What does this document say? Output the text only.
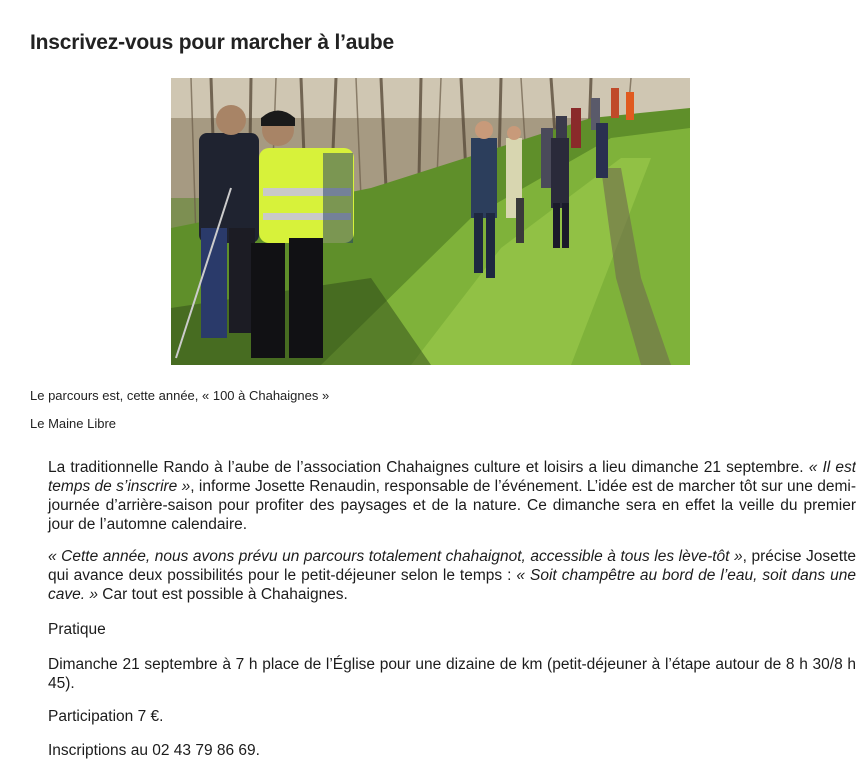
Inscrivez-vous pour marcher à l’aube

Le parcours est, cette année, « 100 à Chahaignes »

Le Maine Libre

La traditionnelle Rando à l’aube de l’association Chahaignes culture et loisirs a lieu dimanche 21 septembre. « Il est temps de s’inscrire », informe Josette Renaudin, responsable de l’événement. L’idée est de marcher tôt sur une demi-journée d’arrière-saison pour profiter des paysages et de la nature. Ce dimanche sera en effet la veille du premier jour de l’automne calendaire.

« Cette année, nous avons prévu un parcours totalement chahaignot, accessible à tous les lève-tôt », précise Josette qui avance deux possibilités pour le petit-déjeuner selon le temps : « Soit champêtre au bord de l’eau, soit dans une cave. » Car tout est possible à Chahaignes.

Pratique

Dimanche 21 septembre à 7 h place de l’Église pour une dizaine de km (petit-déjeuner à l’étape autour de 8 h 30/8 h 45).

Participation 7 €.

Inscriptions au 02 43 79 86 69.
